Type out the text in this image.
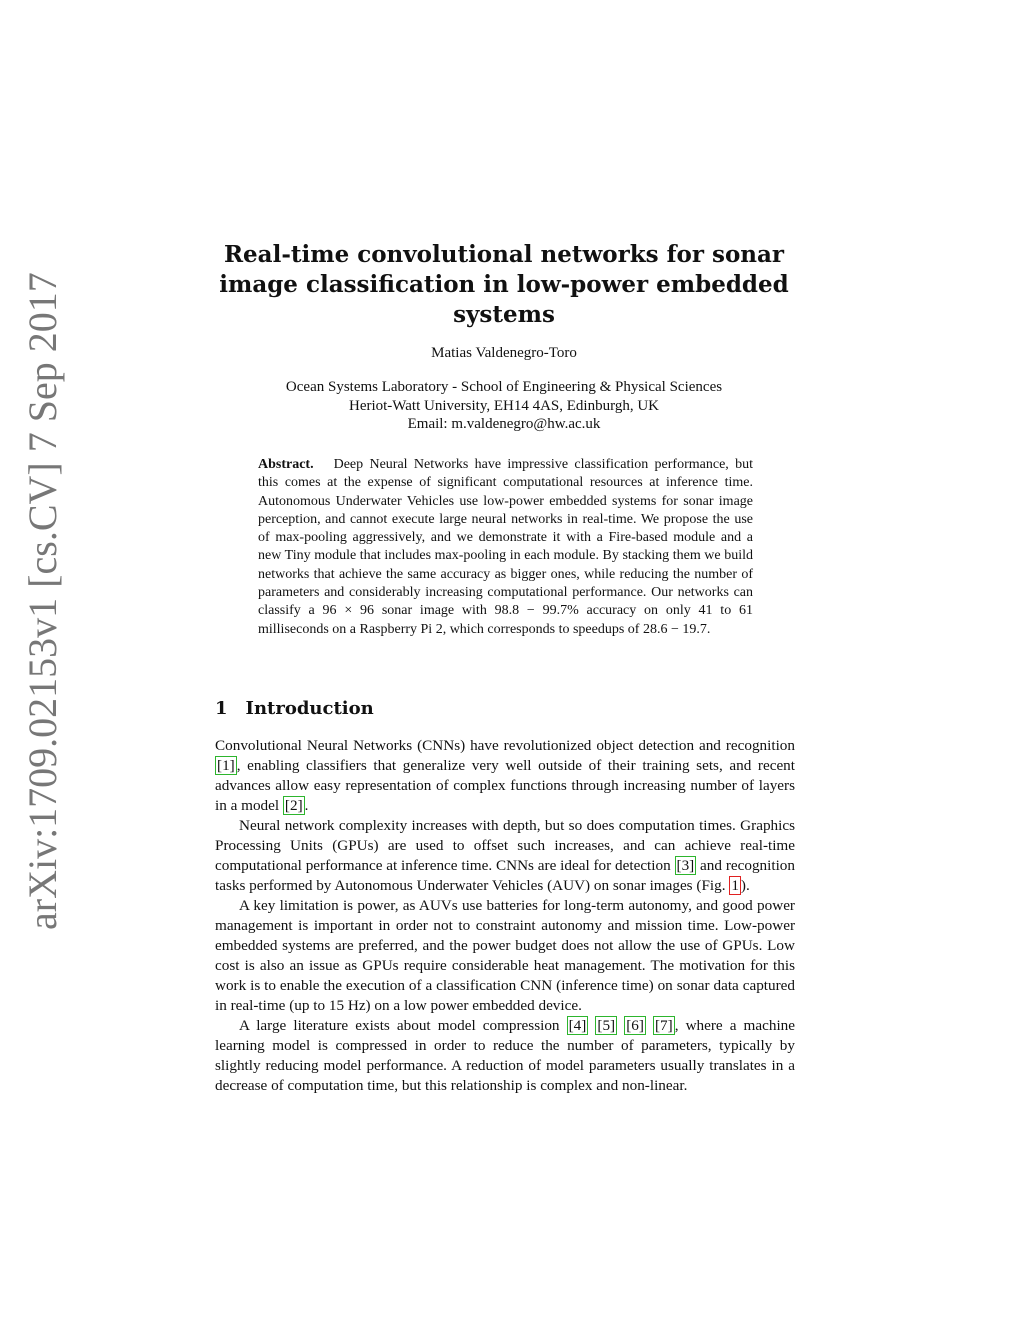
arXiv:1709.02153v1 [cs.CV] 7 Sep 2017
Real-time convolutional networks for sonar image classification in low-power embedded systems
Matias Valdenegro-Toro
Ocean Systems Laboratory - School of Engineering & Physical Sciences
Heriot-Watt University, EH14 4AS, Edinburgh, UK
Email: m.valdenegro@hw.ac.uk
Abstract. Deep Neural Networks have impressive classification performance, but this comes at the expense of significant computational resources at inference time. Autonomous Underwater Vehicles use low-power embedded systems for sonar image perception, and cannot execute large neural networks in real-time. We propose the use of max-pooling aggressively, and we demonstrate it with a Fire-based module and a new Tiny module that includes max-pooling in each module. By stacking them we build networks that achieve the same accuracy as bigger ones, while reducing the number of parameters and considerably increasing computational performance. Our networks can classify a 96 × 96 sonar image with 98.8 − 99.7% accuracy on only 41 to 61 milliseconds on a Raspberry Pi 2, which corresponds to speedups of 28.6 − 19.7.
1 Introduction

Convolutional Neural Networks (CNNs) have revolutionized object detection and recognition [1] , enabling classifiers that generalize very well outside of their training sets, and recent advances allow easy representation of complex functions through increasing number of layers in a model [2] .

Neural network complexity increases with depth, but so does computation times. Graphics Processing Units (GPUs) are used to offset such increases, and can achieve real-time computational performance at inference time. CNNs are ideal for detection [3] and recognition tasks performed by Autonomous Underwater Vehicles (AUV) on sonar images (Fig. 1 ).

A key limitation is power, as AUVs use batteries for long-term autonomy, and good power management is important in order not to constraint autonomy and mission time. Low-power embedded systems are preferred, and the power budget does not allow the use of GPUs. Low cost is also an issue as GPUs require considerable heat management. The motivation for this work is to enable the execution of a classification CNN (inference time) on sonar data captured in real-time (up to 15 Hz) on a low power embedded device.

A large literature exists about model compression [4] [5] [6] [7] , where a machine learning model is compressed in order to reduce the number of parameters, typically by slightly reducing model performance. A reduction of model parameters usually translates in a decrease of computation time, but this relationship is complex and non-linear.
